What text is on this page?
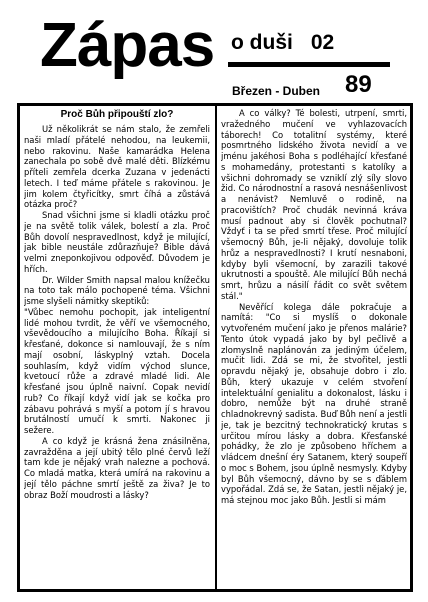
Zápas o duši 02
Březen - Duben 89
Proč Bůh připouští zlo?

Už několikrát se nám stalo, že zemřeli naši mladí přátelé nehodou, na leukemii, nebo rakovinu. Naše kamarádka Helena zanechala po sobě dvě malé děti. Blízkému příteli zemřela dcerka Zuzana v jedenácti letech. I teď máme přátele s rakovinou. Je jim kolem čtyřicítky, smrt číhá a zůstává otázka proč?

Snad všichni jsme si kladli otázku proč je na světě tolik válek, bolestí a zla. Proč Bůh dovolí nespravedlnost, když je milující, jak bible neustále zdůrazňuje? Bible dává velmi zneponkojivou odpověď. Důvodem je hřích.

Dr. Wilder Smith napsal malou knížečku na toto tak málo pochopené téma. Všichni jsme slyšeli námitky skeptiků:

"Vůbec nemohu pochopit, jak inteligentní lidé mohou tvrdit, že věří ve všemocného, vševědoucího a milujícího Boha. Říkají si křesťané, dokonce si namlouvají, že s ním mají osobní, láskyplný vztah. Docela souhlasím, když vidím východ slunce, kvetoucí růže a zdravé mladé lidi. Ale křesťané jsou úplně naivní. Copak nevidí rub? Co říkají když vidí jak se kočka pro zábavu pohrává s myší a potom jí s hravou brutálností umučí k smrti. Nakonec ji sežere.

A co když je krásná žena znásilněna, zavražděna a její ubitý tělo plné červů leží tam kde je nějaký vrah nalezne a pochová. Co mladá matka, která umírá na rakovinu a její tělo páchne smrtí ještě za živa? Je to obraz Boží moudrosti a lásky?

A co války? Té bolesti, utrpení, smrti, vražedného mučení ve vyhlazovacích táborech! Co totalitní systémy, které posmrtného lidského života nevidí a ve jménu jakéhosi Boha s podléhající křesťané s mohamedány, protestanti s katolíky a všichni dohromady se vzniklí zlý síly slovo žid. Co národnostní a rasová nesnášenlivost a nenávist? Nemluvě o rodině, na pracovištích? Proč chudák nevinná kráva musí padnout aby si člověk pochutnal? Vždyť i ta se před smrtí třese. Proč milující všemocný Bůh, je-li nějaký, dovoluje tolik hrůz a nespravedlnosti? I krutí nesnaboni, kdyby byli všemocní, by zarazili takové ukrutnosti a spouště. Ale milující Bůh nechá smrt, hrůzu a násilí řádit co svět světem stál."

Nevěřící kolega dále pokračuje a namítá: "Co si myslíš o dokonale vytvořeném mučení jako je přenos malárie? Tento útok vypadá jako by byl pečlivě a zlomyslně naplánován za jediným účelem, mučit lidi. Zdá se mi, že stvořitel, jestli opravdu nějaký je, obsahuje dobro i zlo. Bůh, který ukazuje v celém stvoření intelektuální genialitu a dokonalost, lásku i dobro, nemůže být na druhé straně chladnokrevný sadista. Buď Bůh není a jestli je, tak je bezcitný technokratický krutas s určitou mírou lásky a dobra. Křesťanské pohádky, že zlo je způsobeno hříchem a vládcem dnešní éry Satanem, který soupeří o moc s Bohem, jsou úplně nesmysly. Kdyby byl Bůh všemocný, dávno by se s ďáblem vypořádal. Zdá se, že Satan, jestli nějaký je, má stejnou moc jako Bůh. Jestli si mám
